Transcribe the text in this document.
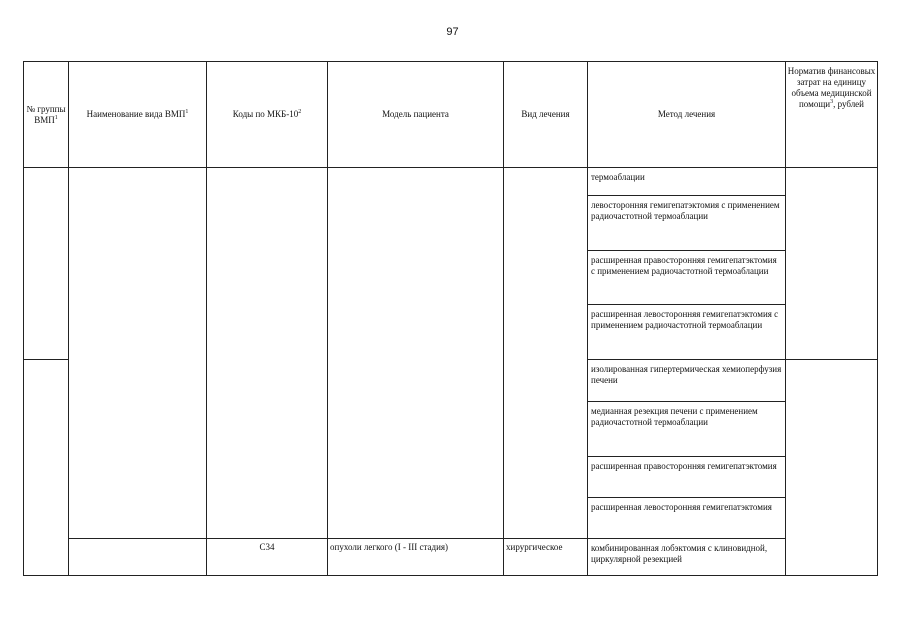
97
№ группы ВМП$^1$	Наименование вида ВМП$^1$	Коды по МКБ-$10^2$	Модель пациента	Вид лечения	Метод лечения	Норматив финансовых затрат на единицу объема медицинской помощи$^3$, рублей
					термоаблации	
					левосторонняя гемигепатэктомия с применением радиочастотной термоаблации	
					расширенная правосторонняя гемигепатэктомия с применением радиочастотной термоаблации	
					расширенная левосторонняя гемигепатэктомия с применением радиочастотной термоаблации	
					изолированная гипертермическая хемиоперфузия печени	
					медианная резекция печени с применением радиочастотной термоаблации	
					расширенная правосторонняя гемигепатэктомия	
					расширенная левосторонняя гемигепатэктомия	
		C34	опухоли легкого (I - III стадия)	хирургическое	комбинированная лобэктомия с клиновидной, циркулярной резекцией	
